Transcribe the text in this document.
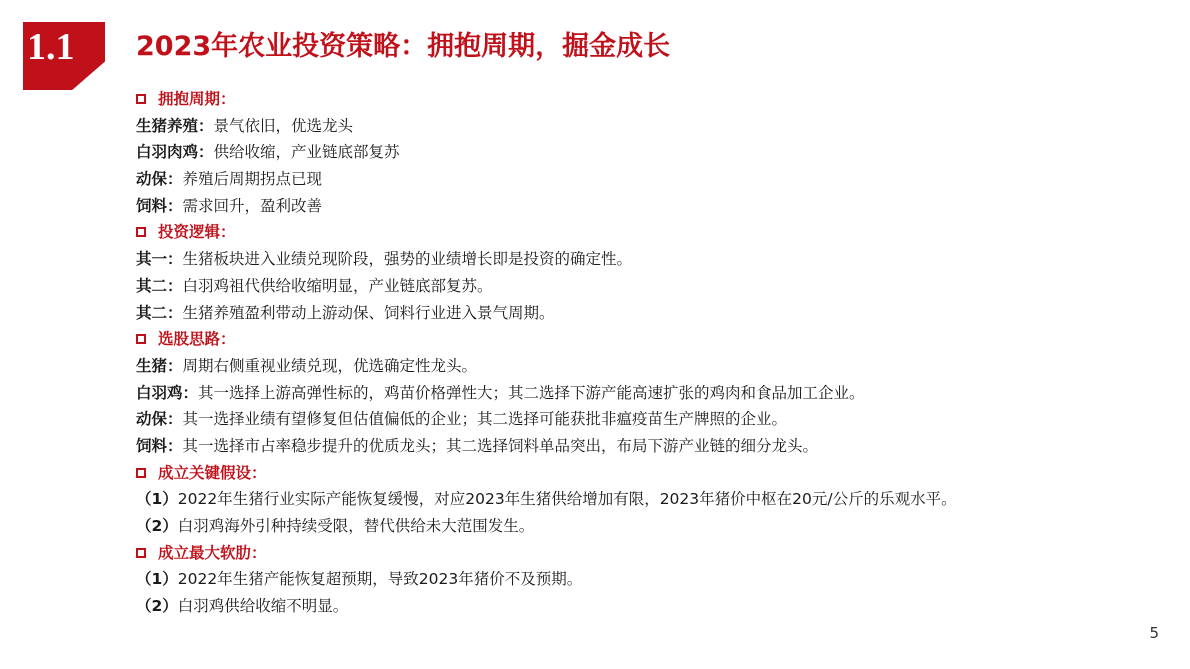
1.1 2023年农业投资策略：拥抱周期，掘金成长
拥抱周期：
生猪养殖：景气依旧，优选龙头
白羽肉鸡：供给收缩，产业链底部复苏
动保：养殖后周期拐点已现
饲料：需求回升，盈利改善
投资逻辑：
其一：生猪板块进入业绩兑现阶段，强势的业绩增长即是投资的确定性。
其二：白羽鸡祖代供给收缩明显，产业链底部复苏。
其二：生猪养殖盈利带动上游动保、饲料行业进入景气周期。
选股思路：
生猪：周期右侧重视业绩兑现，优选确定性龙头。
白羽鸡：其一选择上游高弹性标的，鸡苗价格弹性大；其二选择下游产能高速扩张的鸡肉和食品加工企业。
动保：其一选择业绩有望修复但估值偏低的企业；其二选择可能获批非瘟疫苗生产牌照的企业。
饲料：其一选择市占率稳步提升的优质龙头；其二选择饲料单品突出，布局下游产业链的细分龙头。
成立关键假设：
（1）2022年生猪行业实际产能恢复缓慢，对应2023年生猪供给增加有限，2023年猪价中枢在20元/公斤的乐观水平。
（2）白羽鸡海外引种持续受限，替代供给未大范围发生。
成立最大软肋：
（1）2022年生猪产能恢复超预期，导致2023年猪价不及预期。
（2）白羽鸡供给收缩不明显。
5
